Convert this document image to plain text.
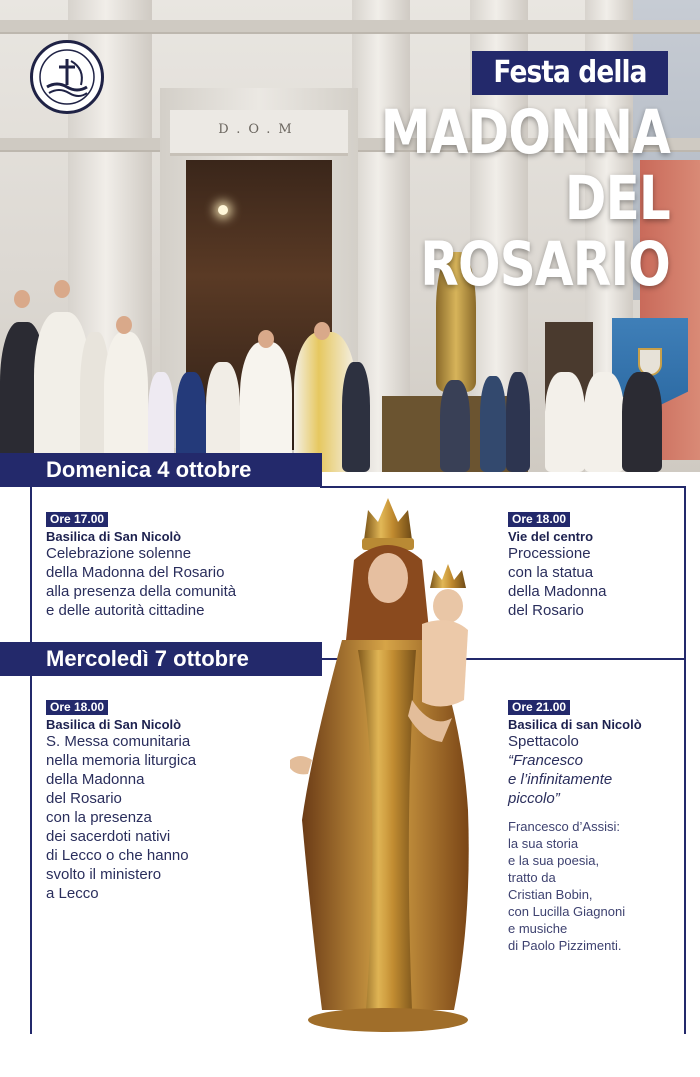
D.O.M
Festa della
MADONNA
DEL ROSARIO
Domenica 4 ottobre
Ore 17.00
Basilica di San Nicolò
Celebrazione solenne
della Madonna del Rosario
alla presenza della comunità
e delle autorità cittadine
Ore 18.00
Vie del centro
Processione
con la statua
della Madonna
del Rosario
Mercoledì 7 ottobre
Ore 18.00
Basilica di San Nicolò
S. Messa comunitaria
nella memoria liturgica
della Madonna
del Rosario
con la presenza
dei sacerdoti nativi
di Lecco o che hanno
svolto il ministero
a Lecco
Ore 21.00
Basilica di san Nicolò
Spettacolo
“Francesco
e l’infinitamente
piccolo”
Francesco d’Assisi:
la sua storia
e la sua poesia,
tratto da
Cristian Bobin,
con Lucilla Giagnoni
e musiche
di Paolo Pizzimenti.
